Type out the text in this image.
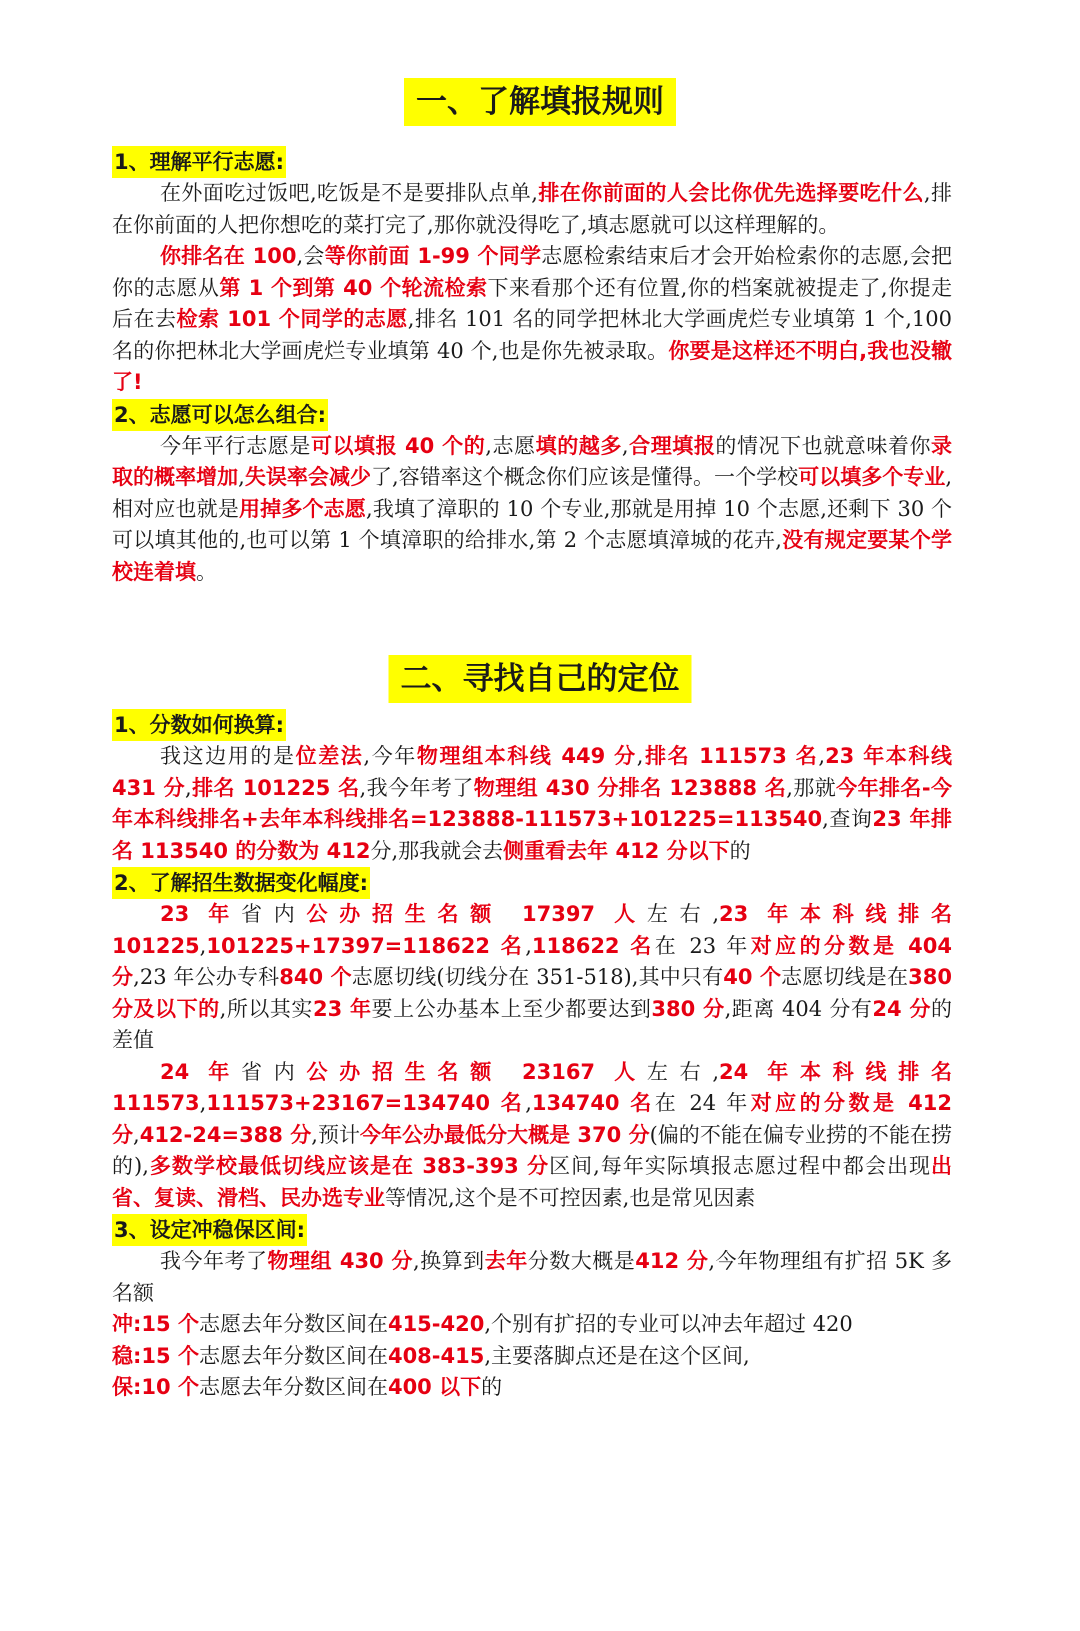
一、了解填报规则
1、理解平行志愿:

在外面吃过饭吧,吃饭是不是要排队点单,排在你前面的人会比你优先选择要吃什么,排在你前面的人把你想吃的菜打完了,那你就没得吃了,填志愿就可以这样理解的。

你排名在 100,会等你前面 1-99 个同学志愿检索结束后才会开始检索你的志愿,会把你的志愿从第 1 个到第 40 个轮流检索下来看那个还有位置,你的档案就被提走了,你提走后在去检索 101 个同学的志愿,排名 101 名的同学把林北大学画虎烂专业填第 1 个,100 名的你把林北大学画虎烂专业填第 40 个,也是你先被录取。你要是这样还不明白,我也没辙了!

2、志愿可以怎么组合:

今年平行志愿是可以填报 40 个的,志愿填的越多,合理填报的情况下也就意味着你录取的概率增加,失误率会减少了,容错率这个概念你们应该是懂得。一个学校可以填多个专业,相对应也就是用掉多个志愿,我填了漳职的 10 个专业,那就是用掉 10 个志愿,还剩下 30 个可以填其他的,也可以第 1 个填漳职的给排水,第 2 个志愿填漳城的花卉,没有规定要某个学校连着填。

二、寻找自己的定位
1、分数如何换算:

我这边用的是位差法,今年物理组本科线 449 分,排名 111573 名,23 年本科线 431 分,排名 101225 名,我今年考了物理组 430 分排名 123888 名,那就今年排名-今年本科线排名+去年本科线排名=123888-111573+101225=113540,查询23 年排名 113540 的分数为 412分,那我就会去侧重看去年 412 分以下的

2、了解招生数据变化幅度:

23 年省内公办招生名额 17397 人左右,23 年本科线排名 101225,101225+17397=118622 名,118622 名在 23 年对应的分数是 404 分,23 年公办专科840 个志愿切线(切线分在 351-518),其中只有40 个志愿切线是在380 分及以下的,所以其实23 年要上公办基本上至少都要达到380 分,距离 404 分有24 分的差值

24 年省内公办招生名额 23167 人左右,24 年本科线排名 111573,111573+23167=134740 名,134740 名在 24 年对应的分数是 412 分,412-24=388 分,预计今年公办最低分大概是 370 分(偏的不能在偏专业捞的不能在捞的),多数学校最低切线应该是在 383-393 分区间,每年实际填报志愿过程中都会出现出省、复读、滑档、民办选专业等情况,这个是不可控因素,也是常见因素

3、设定冲稳保区间:

我今年考了物理组 430 分,换算到去年分数大概是412 分,今年物理组有扩招 5K 多名额

冲:15 个志愿去年分数区间在415-420,个别有扩招的专业可以冲去年超过 420

稳:15 个志愿去年分数区间在408-415,主要落脚点还是在这个区间,

保:10 个志愿去年分数区间在400 以下的
